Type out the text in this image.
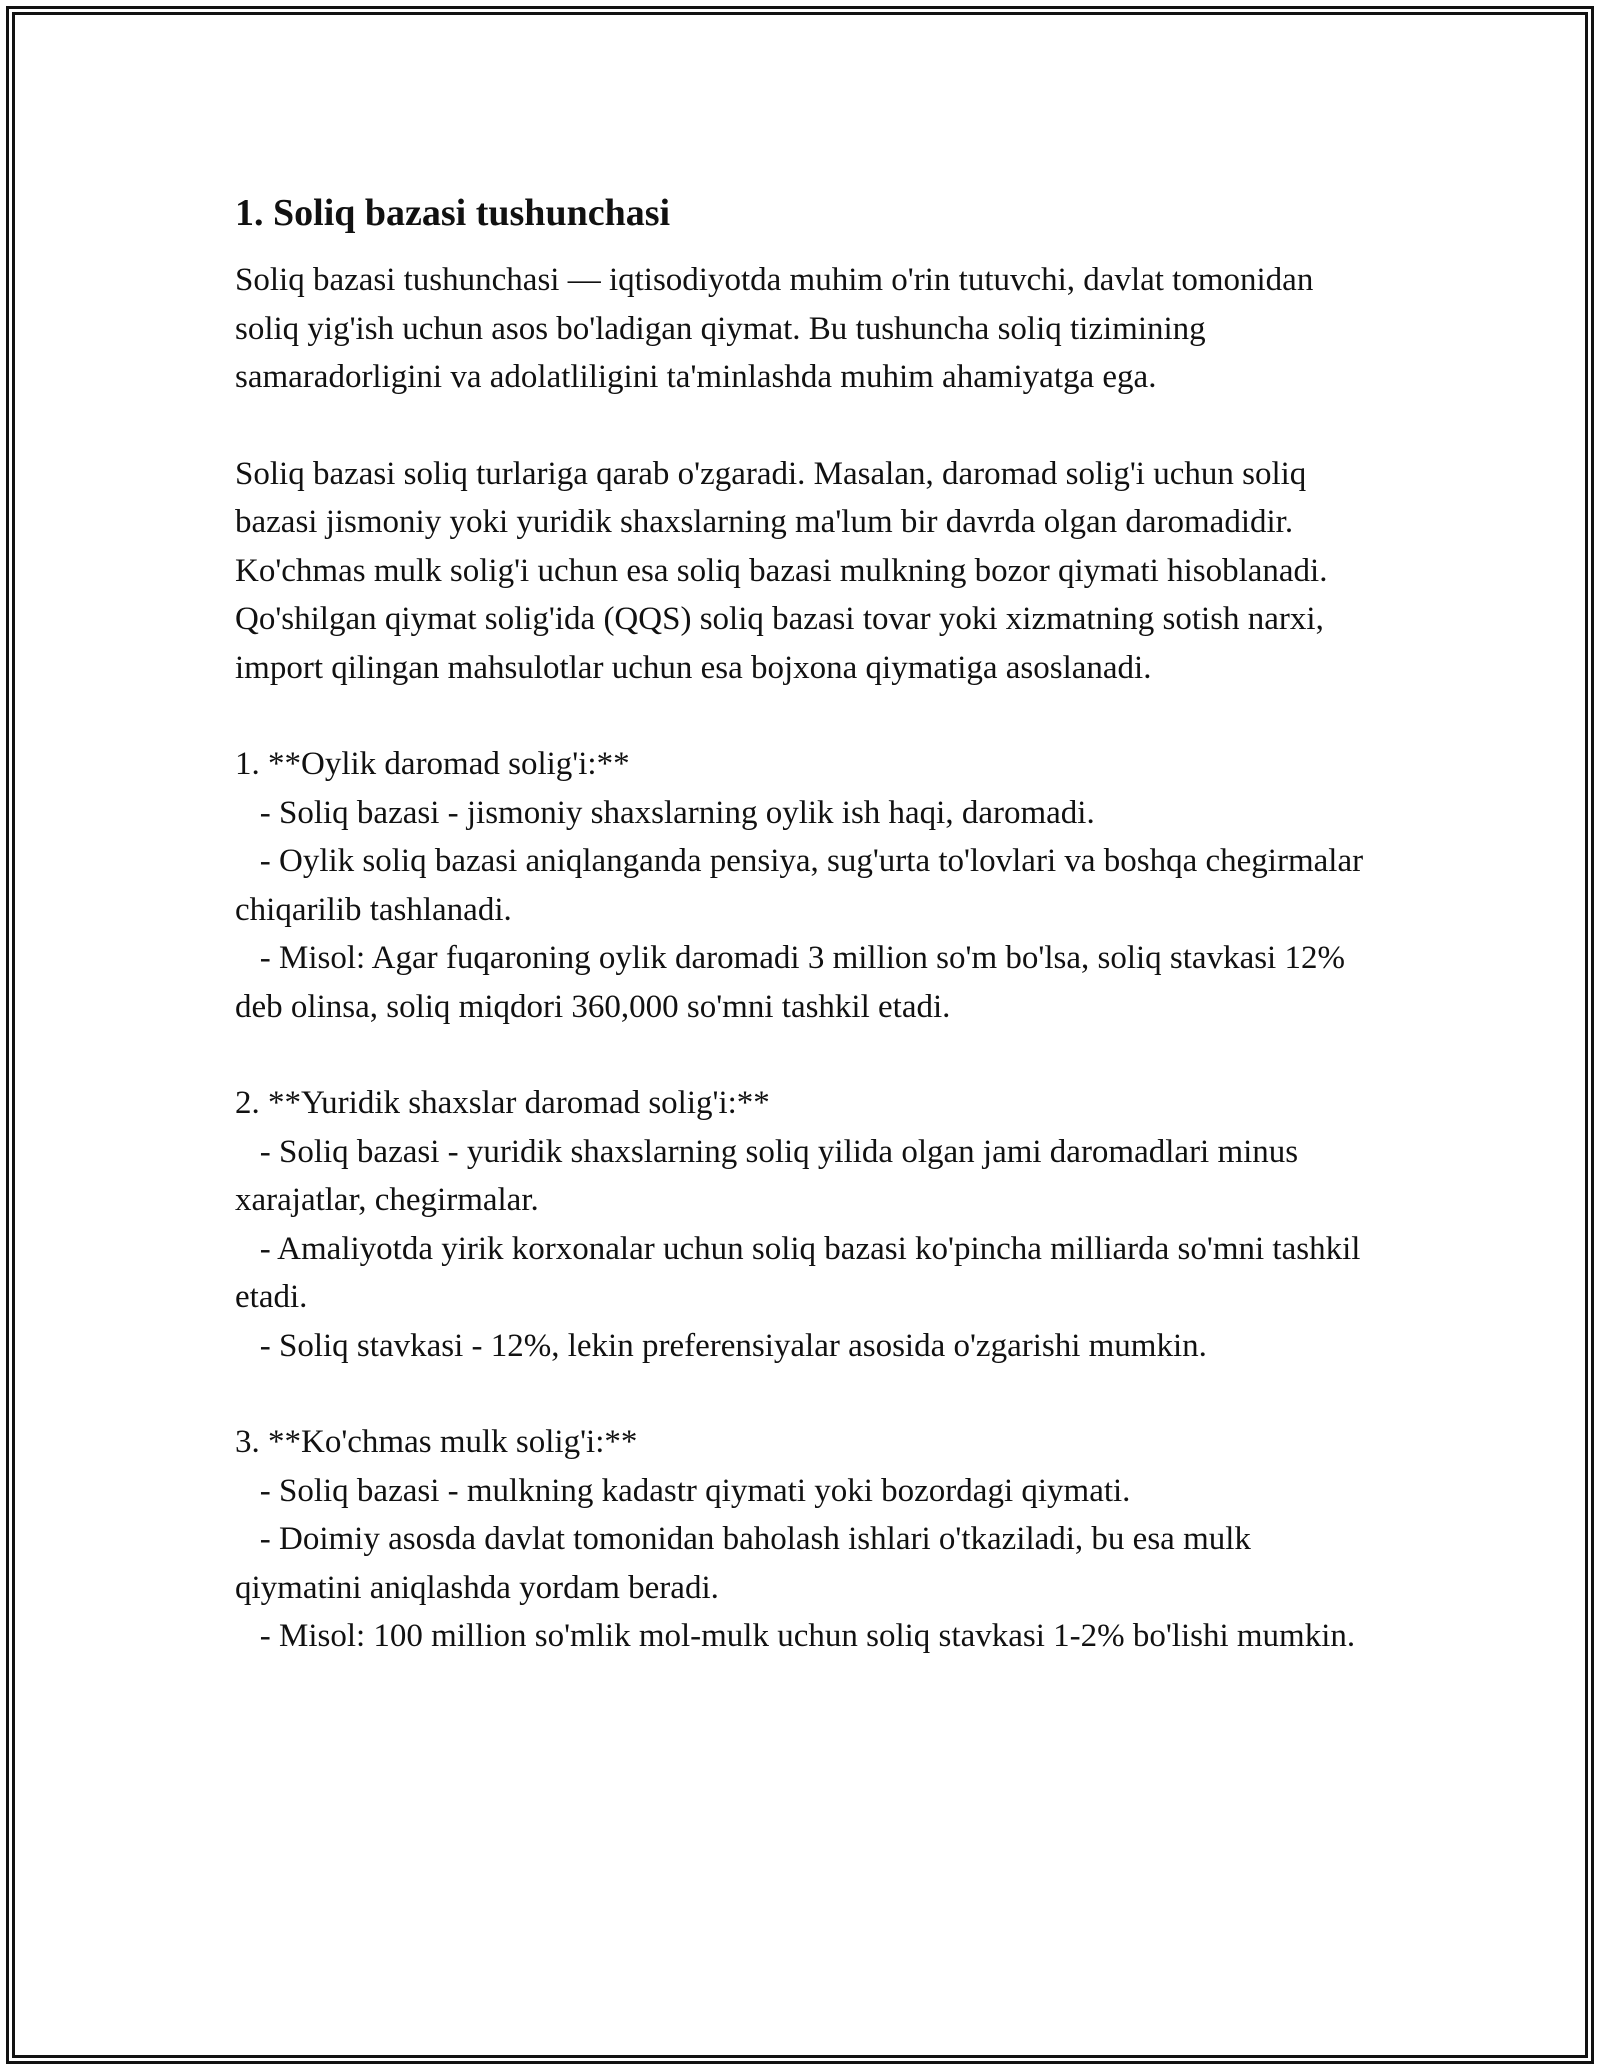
1. Soliq bazasi tushunchasi

Soliq bazasi tushunchasi — iqtisodiyotda muhim o'rin tutuvchi, davlat tomonidan soliq yig'ish uchun asos bo'ladigan qiymat. Bu tushuncha soliq tizimining samaradorligini va adolatliligini ta'minlashda muhim ahamiyatga ega.

Soliq bazasi soliq turlariga qarab o'zgaradi. Masalan, daromad solig'i uchun soliq bazasi jismoniy yoki yuridik shaxslarning ma'lum bir davrda olgan daromadidir. Ko'chmas mulk solig'i uchun esa soliq bazasi mulkning bozor qiymati hisoblanadi. Qo'shilgan qiymat solig'ida (QQS) soliq bazasi tovar yoki xizmatning sotish narxi, import qilingan mahsulotlar uchun esa bojxona qiymatiga asoslanadi.

1. **Oylik daromad solig'i:**

- Soliq bazasi - jismoniy shaxslarning oylik ish haqi, daromadi.

- Oylik soliq bazasi aniqlanganda pensiya, sug'urta to'lovlari va boshqa chegirmalar chiqarilib tashlanadi.

- Misol: Agar fuqaroning oylik daromadi 3 million so'm bo'lsa, soliq stavkasi 12% deb olinsa, soliq miqdori 360,000 so'mni tashkil etadi.

2. **Yuridik shaxslar daromad solig'i:**

- Soliq bazasi - yuridik shaxslarning soliq yilida olgan jami daromadlari minus xarajatlar, chegirmalar.

- Amaliyotda yirik korxonalar uchun soliq bazasi ko'pincha milliarda so'mni tashkil etadi.

- Soliq stavkasi - 12%, lekin preferensiyalar asosida o'zgarishi mumkin.

3. **Ko'chmas mulk solig'i:**

- Soliq bazasi - mulkning kadastr qiymati yoki bozordagi qiymati.

- Doimiy asosda davlat tomonidan baholash ishlari o'tkaziladi, bu esa mulk qiymatini aniqlashda yordam beradi.

- Misol: 100 million so'mlik mol-mulk uchun soliq stavkasi 1-2% bo'lishi mumkin.
